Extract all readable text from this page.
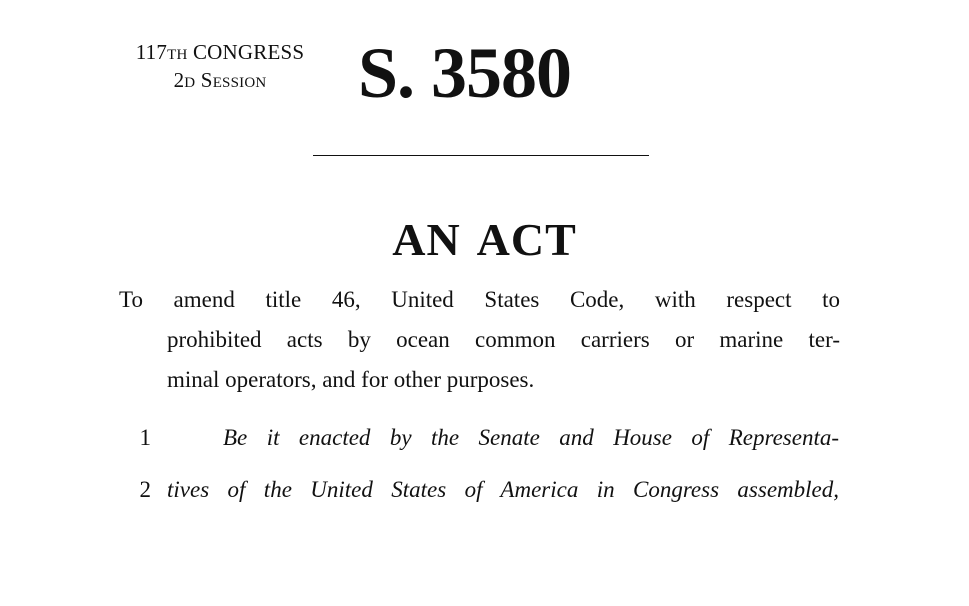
117TH CONGRESS
2D SESSION	S. 3580
AN ACT
To amend title 46, United States Code, with respect to
prohibited acts by ocean common carriers or marine ter-
minal operators, and for other purposes.
1	Be it enacted by the Senate and House of Representa-
2 tives of the United States of America in Congress assembled,
